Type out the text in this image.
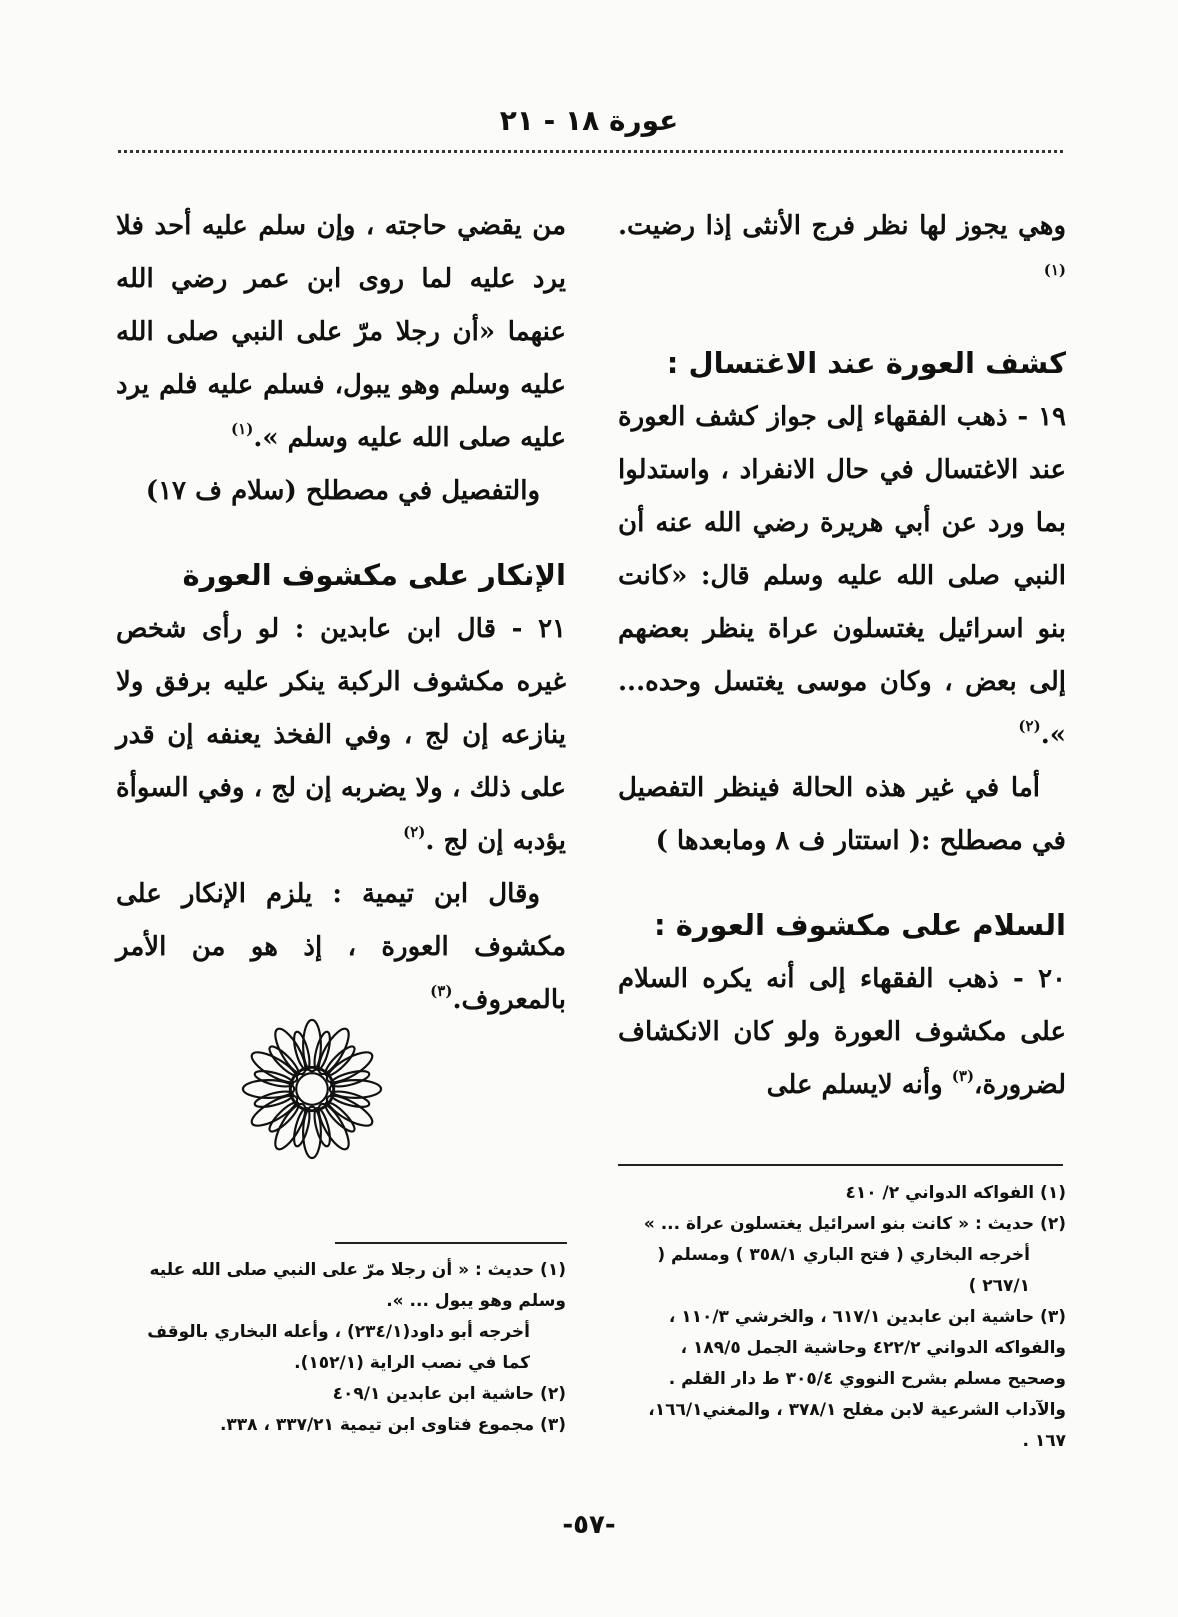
عورة ١٨ - ٢١

وهي يجوز لها نظر فرج الأنثى إذا رضيت.$^{(١)}$

كشف العورة عند الاغتسال :

١٩ - ذهب الفقهاء إلى جواز كشف العورة عند الاغتسال في حال الانفراد ، واستدلوا بما ورد عن أبي هريرة رضي الله عنه أن النبي صلى الله عليه وسلم قال: «كانت بنو اسرائيل يغتسلون عراة ينظر بعضهم إلى بعض ، وكان موسى يغتسل وحده... ».$^{(٢)}$

أما في غير هذه الحالة فينظر التفصيل في مصطلح :( استتار ف ٨ ومابعدها )

السلام على مكشوف العورة :

٢٠ - ذهب الفقهاء إلى أنه يكره السلام على مكشوف العورة ولو كان الانكشاف لضرورة،$^{(٣)}$ وأنه لايسلم على

من يقضي حاجته ، وإن سلم عليه أحد فلا يرد عليه لما روى ابن عمر رضي الله عنهما «أن رجلا مرّ على النبي صلى الله عليه وسلم وهو يبول، فسلم عليه فلم يرد عليه صلى الله عليه وسلم ».$^{(١)}$

والتفصيل في مصطلح (سلام ف ١٧)

الإنكار على مكشوف العورة

٢١ - قال ابن عابدين : لو رأى شخص غيره مكشوف الركبة ينكر عليه برفق ولا ينازعه إن لج ، وفي الفخذ يعنفه إن قدر على ذلك ، ولا يضربه إن لج ، وفي السوأة يؤدبه إن لج .$^{(٢)}$

وقال ابن تيمية : يلزم الإنكار على مكشوف العورة ، إذ هو من الأمر بالمعروف.$^{(٣)}$

(١) الفواكه الدواني ٢/ ٤١٠

(٢) حديث : « كانت بنو اسرائيل يغتسلون عراة ... »

أخرجه البخاري ( فتح الباري ٣٥٨/١ ) ومسلم ( ٢٦٧/١ )

(٣) حاشية ابن عابدين ٦١٧/١ ، والخرشي ١١٠/٣ ، والفواكه الدواني ٤٢٢/٢ وحاشية الجمل ١٨٩/٥ ، وصحيح مسلم بشرح النووي ٣٠٥/٤ ط دار القلم . والآداب الشرعية لابن مفلح ٣٧٨/١ ، والمغني١٦٦/١، ١٦٧ .

(١) حديث : « أن رجلا مرّ على النبي صلى الله عليه وسلم وهو يبول ... ».

أخرجه أبو داود(٢٣٤/١) ، وأعله البخاري بالوقف كما في نصب الراية (١٥٢/١).

(٢) حاشية ابن عابدين ٤٠٩/١

(٣) مجموع فتاوى ابن تيمية ٣٣٧/٢١ ، ٣٣٨.

-٥٧-
